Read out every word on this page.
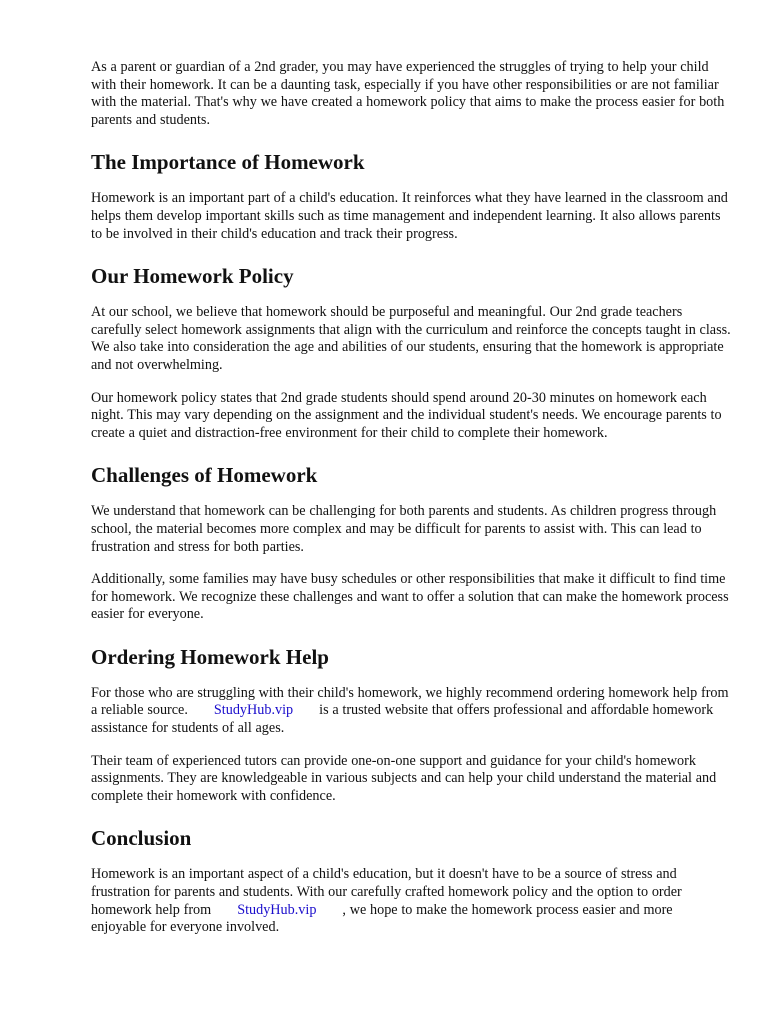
As a parent or guardian of a 2nd grader, you may have experienced the struggles of trying to help your child with their homework. It can be a daunting task, especially if you have other responsibilities or are not familiar with the material. That's why we have created a homework policy that aims to make the process easier for both parents and students.

The Importance of Homework

Homework is an important part of a child's education. It reinforces what they have learned in the classroom and helps them develop important skills such as time management and independent learning. It also allows parents to be involved in their child's education and track their progress.

Our Homework Policy

At our school, we believe that homework should be purposeful and meaningful. Our 2nd grade teachers carefully select homework assignments that align with the curriculum and reinforce the concepts taught in class. We also take into consideration the age and abilities of our students, ensuring that the homework is appropriate and not overwhelming.

Our homework policy states that 2nd grade students should spend around 20-30 minutes on homework each night. This may vary depending on the assignment and the individual student's needs. We encourage parents to create a quiet and distraction-free environment for their child to complete their homework.

Challenges of Homework

We understand that homework can be challenging for both parents and students. As children progress through school, the material becomes more complex and may be difficult for parents to assist with. This can lead to frustration and stress for both parties.

Additionally, some families may have busy schedules or other responsibilities that make it difficult to find time for homework. We recognize these challenges and want to offer a solution that can make the homework process easier for everyone.

Ordering Homework Help

For those who are struggling with their child's homework, we highly recommend ordering homework help from a reliable source. StudyHub.vip is a trusted website that offers professional and affordable homework assistance for students of all ages.

Their team of experienced tutors can provide one-on-one support and guidance for your child's homework assignments. They are knowledgeable in various subjects and can help your child understand the material and complete their homework with confidence.

Conclusion

Homework is an important aspect of a child's education, but it doesn't have to be a source of stress and frustration for parents and students. With our carefully crafted homework policy and the option to order homework help from StudyHub.vip , we hope to make the homework process easier and more enjoyable for everyone involved.
